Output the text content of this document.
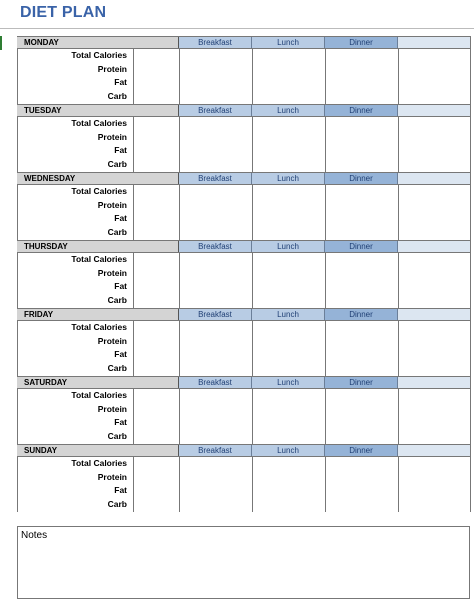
DIET PLAN
MONDAY	Breakfast	Lunch	Dinner
Total Calories
Protein
Fat
Carb
TUESDAY	Breakfast	Lunch	Dinner
Total Calories
Protein
Fat
Carb
WEDNESDAY	Breakfast	Lunch	Dinner
Total Calories
Protein
Fat
Carb
THURSDAY	Breakfast	Lunch	Dinner
Total Calories
Protein
Fat
Carb
FRIDAY	Breakfast	Lunch	Dinner
Total Calories
Protein
Fat
Carb
SATURDAY	Breakfast	Lunch	Dinner
Total Calories
Protein
Fat
Carb
SUNDAY	Breakfast	Lunch	Dinner
Total Calories
Protein
Fat
Carb
Notes
